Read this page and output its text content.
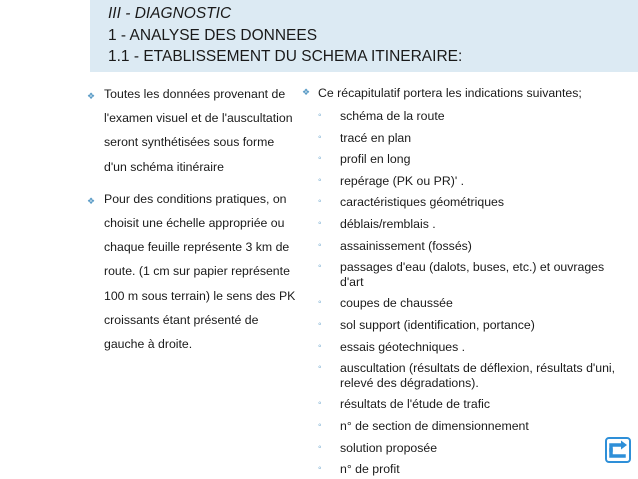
III - DIAGNOSTIC
1 - ANALYSE DES DONNEES
1.1 - ETABLISSEMENT DU SCHEMA ITINERAIRE:
❖ Toutes les données provenant de l'examen visuel et de l'auscultation seront synthétisées sous forme d'un schéma itinéraire
❖ Pour des conditions pratiques, on choisit une échelle appropriée ou chaque feuille représente 3 km de route. (1 cm sur papier représente 100 m sous terrain) le sens des PK croissants étant présenté de gauche à droite.
❖ Ce récapitulatif portera les indications suivantes;
◦ schéma de la route
◦ tracé en plan
◦ profil en long
◦ repérage (PK ou PR)' .
◦ caractéristiques géométriques
◦ déblais/remblais .
◦ assainissement (fossés)
◦ passages d'eau (dalots, buses, etc.) et ouvrages d'art
◦ coupes de chaussée
◦ sol support (identification, portance)
◦ essais géotechniques .
◦ auscultation (résultats de déflexion, résultats d'uni, relevé des dégradations).
◦ résultats de l'étude de trafic
◦ n° de section de dimensionnement
◦ solution proposée
◦ n° de profit
